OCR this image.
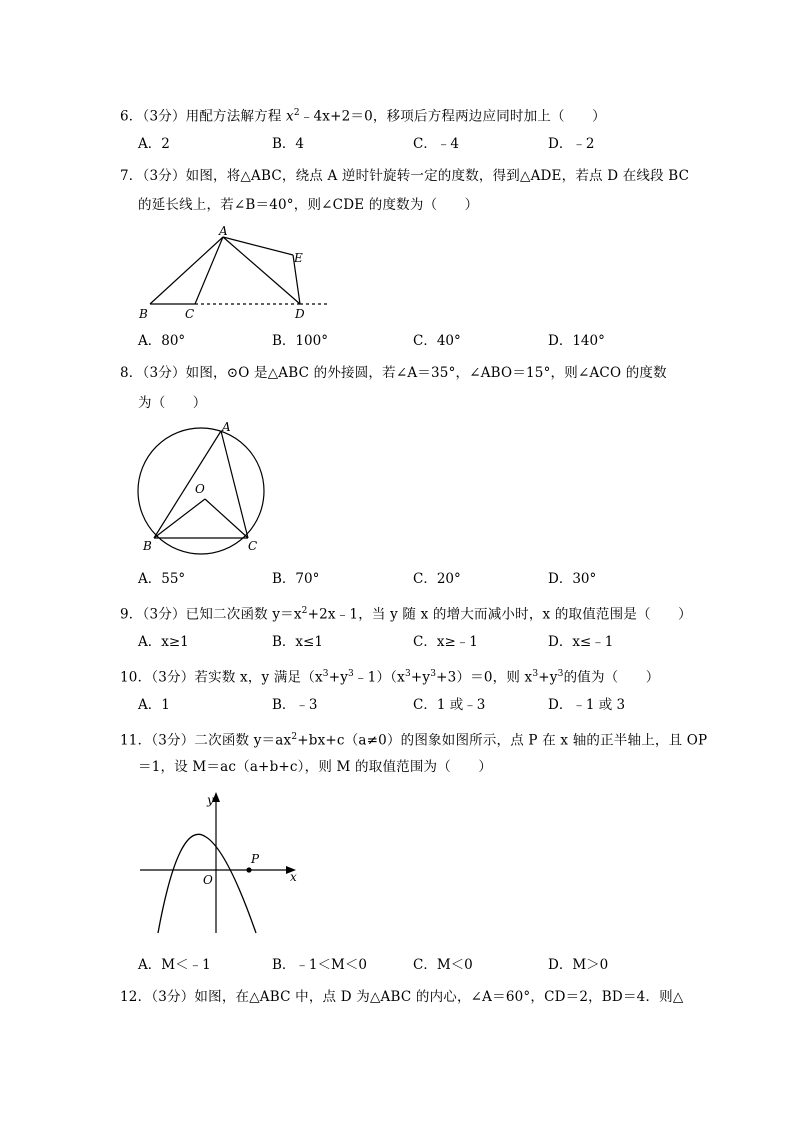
6．（3分）用配方法解方程 $x^2﹣4x+2=0$，移项后方程两边应同时加上（　　）
A．2	B．4	C．﹣4	D．﹣2
7．（3分）如图，将△ABC，绕点 A 逆时针旋转一定的度数，得到△ADE，若点 D 在线段 BC
的延长线上，若∠B＝40°，则∠CDE 的度数为（　　）
A
B	C	D
E
A．80°	B．100°	C．40°	D．140°
8．（3分）如图，⊙O 是△ABC 的外接圆，若∠A＝35°，∠ABO＝15°，则∠ACO 的度数
为（　　）
A
B	C
O
A．55°	B．70°	C．20°	D．30°
9．（3分）已知二次函数 $y=x^2+2x﹣1$，当 y 随 x 的增大而减小时，x 的取值范围是（　　）
A．x≥1	B．x≤1	C．x≥﹣1	D．x≤﹣1
10．（3分）若实数 x，y 满足$(x^3+y^3﹣1)(x^3+y^3+3)=0$，则 $x^3+y^3$的值为（　　）
A．1	B．﹣3	C．1 或﹣3	D．﹣1 或 3
11．（3分）二次函数 $y=ax^2+bx+c(a\ne 0)$的图象如图所示，点 P 在 x 轴的正半轴上，且 OP
＝1，设 M＝ac（a+b+c），则 M 的取值范围为（　　）
y
x
O
P
A．M＜﹣1	B．﹣1＜M＜0	C．M＜0	D．M＞0
12．（3分）如图，在△ABC 中，点 D 为△ABC 的内心，∠A＝60°，CD＝2，BD＝4．则△
